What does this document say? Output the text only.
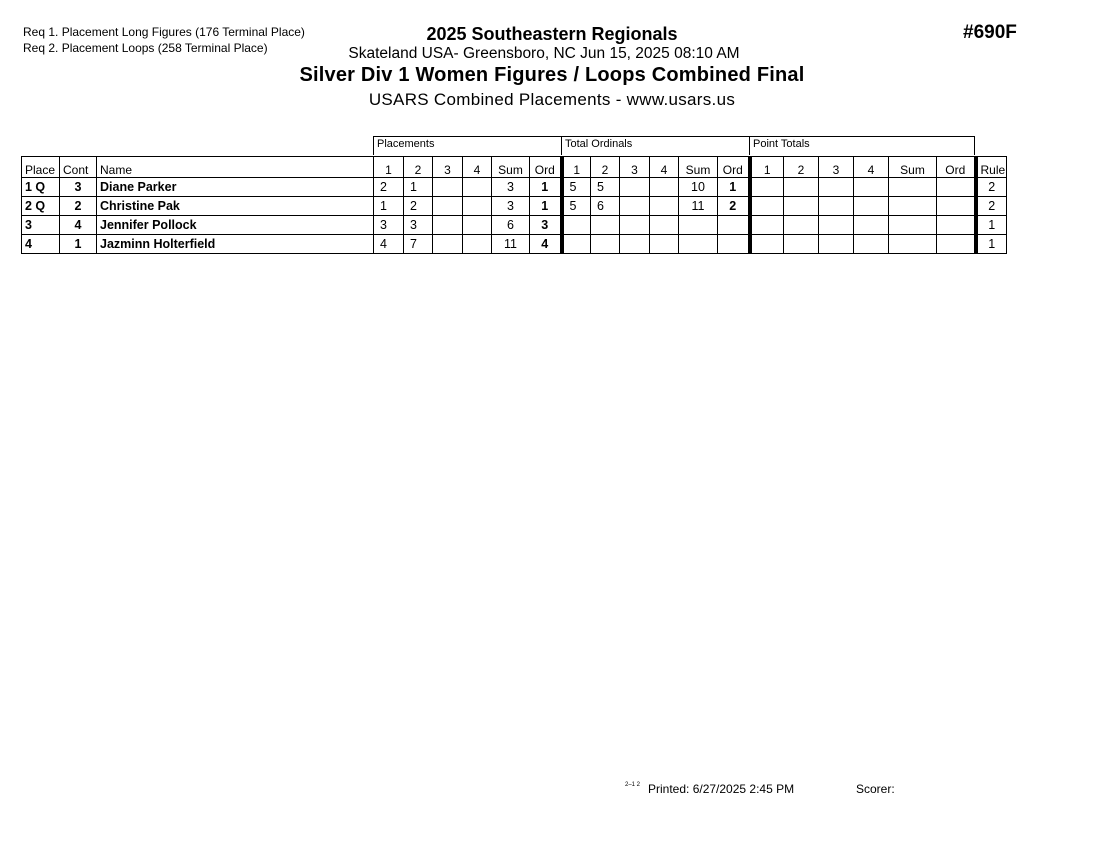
Req 1. Placement Long Figures (176 Terminal Place)
Req 2. Placement Loops (258 Terminal Place)
2025 Southeastern Regionals
Skateland USA- Greensboro, NC Jun 15, 2025 08:10 AM
#690F
Silver Div 1 Women Figures / Loops Combined Final
USARS Combined Placements - www.usars.us
Placements	Total Ordinals	Point Totals
Place	Cont	Name	1	2	3	4	Sum	Ord	1	2	3	4	Sum	Ord	1	2	3	4	Sum	Ord	Rule
1 Q	3	Diane Parker	2	1			3	1	5	5			10	1							2
2 Q	2	Christine Pak	1	2			3	1	5	6			11	2							2
3	4	Jennifer Pollock	3	3			6	3													1
4	1	Jazminn Holterfield	4	7			11	4													1
2–1 2 Printed: 6/27/2025 2:45 PM	Scorer:
